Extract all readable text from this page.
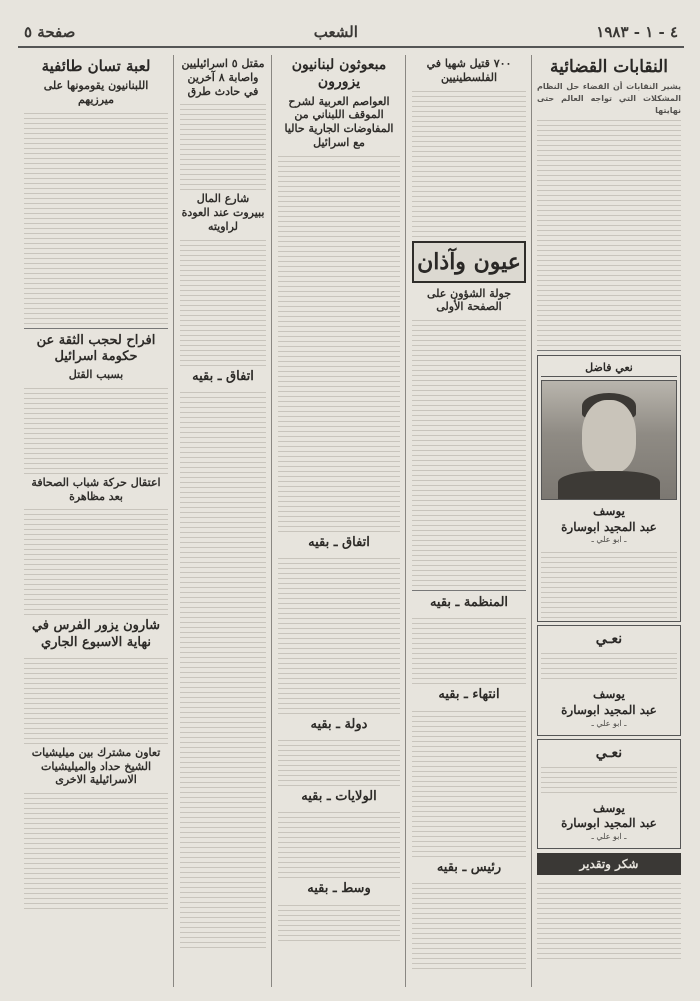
٤ - ١ - ١٩٨٣
الشعب
صفحة ٥
النقابات القضائية
يشير النقابات أن القضاء حل النظام المشكلات التي تواجه العالم حتى نهايتها
نعي فاضل
يوسف
عبد المجيد ابوسارة
ـ ابو علي ـ
نعـي
يوسف
عبد المجيد ابوسارة
ـ ابو علي ـ
نعـي
يوسف
عبد المجيد ابوسارة
ـ ابو علي ـ
شكر وتقدير
٧٠٠ قتيل شهيا في الفلسطينيين
عيون وآذان
جولة الشؤون على الصفحة الأولى
المنظمة ـ بقيه
انتهاء ـ بقيه
رئيس ـ بقيه
مبعوثون لبنانيون يزورون
العواصم العربية لشرح الموقف اللبناني من المفاوضات الجارية حاليا مع اسرائيل
اتفاق ـ بقيه
دولة ـ بقيه
الولايات ـ بقيه
وسط ـ بقيه
مقتل ٥ اسرائيليين واصابة ٨ آخرين في حادث طرق
شارع المال ببيروت عند العودة لراويته
اتفاق ـ بقيه
لعبة تسان طائفية
اللبنانيون يقومونها على ميرزيهم
افراح لحجب الثقة عن حكومة اسرائيل
بسبب القتل
اعتقال حركة شباب الصحافة بعد مظاهرة
شارون يزور الفرس في نهاية الاسبوع الجاري
تعاون مشترك بين ميليشيات الشيخ حداد والميليشيات الاسرائيلية الاخرى
